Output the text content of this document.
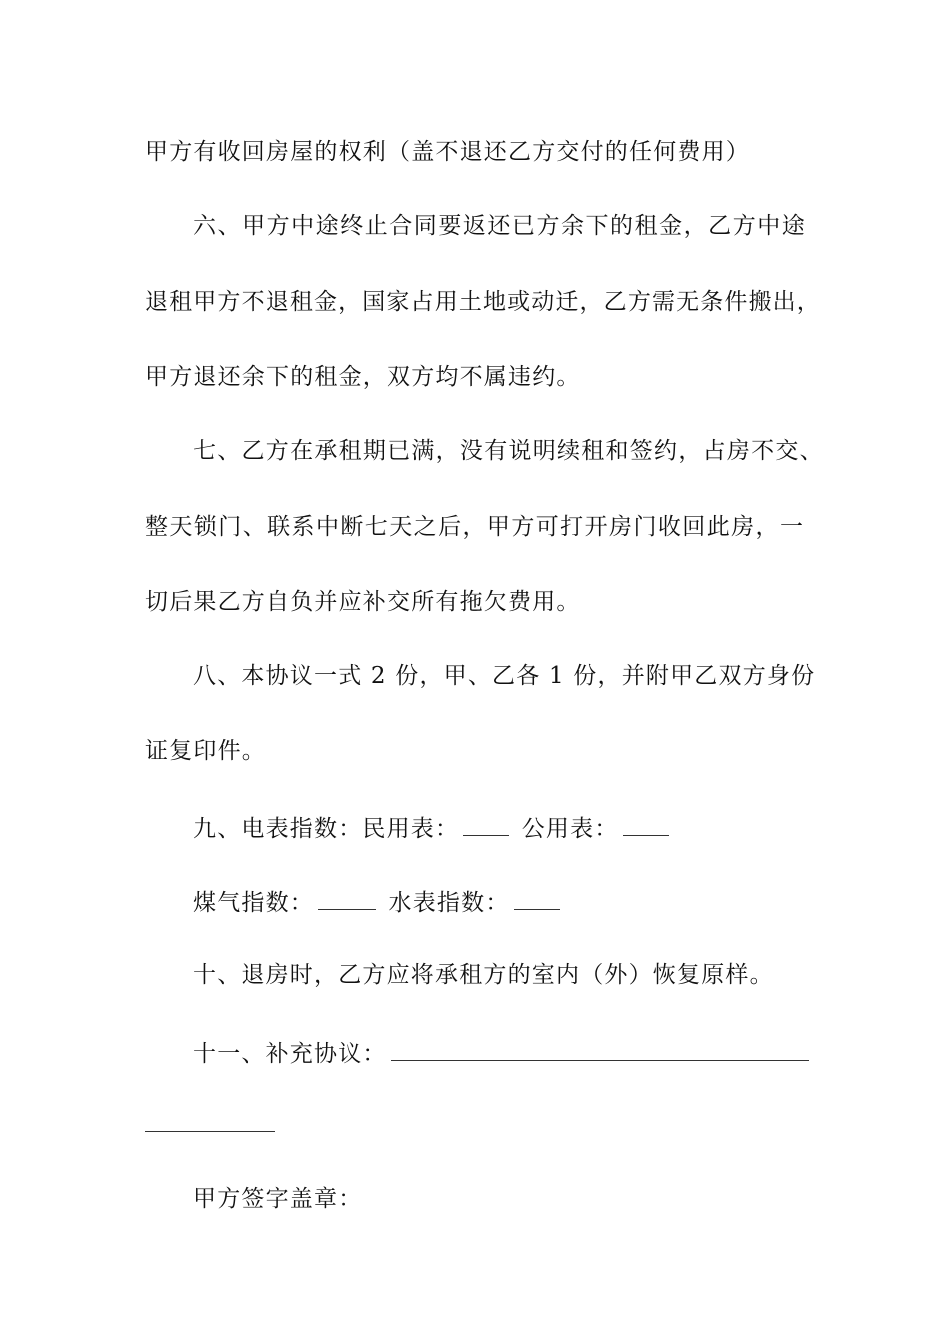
甲方有收回房屋的权利（盖不退还乙方交付的任何费用）
六 、 甲 方 中 途 终 止 合 同 要 返 还 已 方 余 下 的 租 金 ， 乙 方 中 途
退 租 甲 方 不 退 租 金 ， 国 家 占 用 土 地 或 动 迁 ， 乙 方 需 无 条 件 搬 出 ，
甲方退还余下的租金，双方均不属违约。
七 、 乙 方 在 承 租 期 已 满 ， 没 有 说 明 续 租 和 签 约 ， 占 房 不 交 、
整 天 锁 门 、 联 系 中 断 七 天 之 后 ， 甲 方 可 打 开 房 门 收 回 此 房 ， 一
切后果乙方自负并应补交所有拖欠费用。
八、本协议一式 2 份，甲、乙各 1 份，并附甲乙双方身份
证复印件。
九、电表指数：民用表：	公用表：
煤气指数：	水表指数：
十、退房时，乙方应将承租方的室内（外）恢复原样。
十一、补充协议：
甲方签字盖章：
